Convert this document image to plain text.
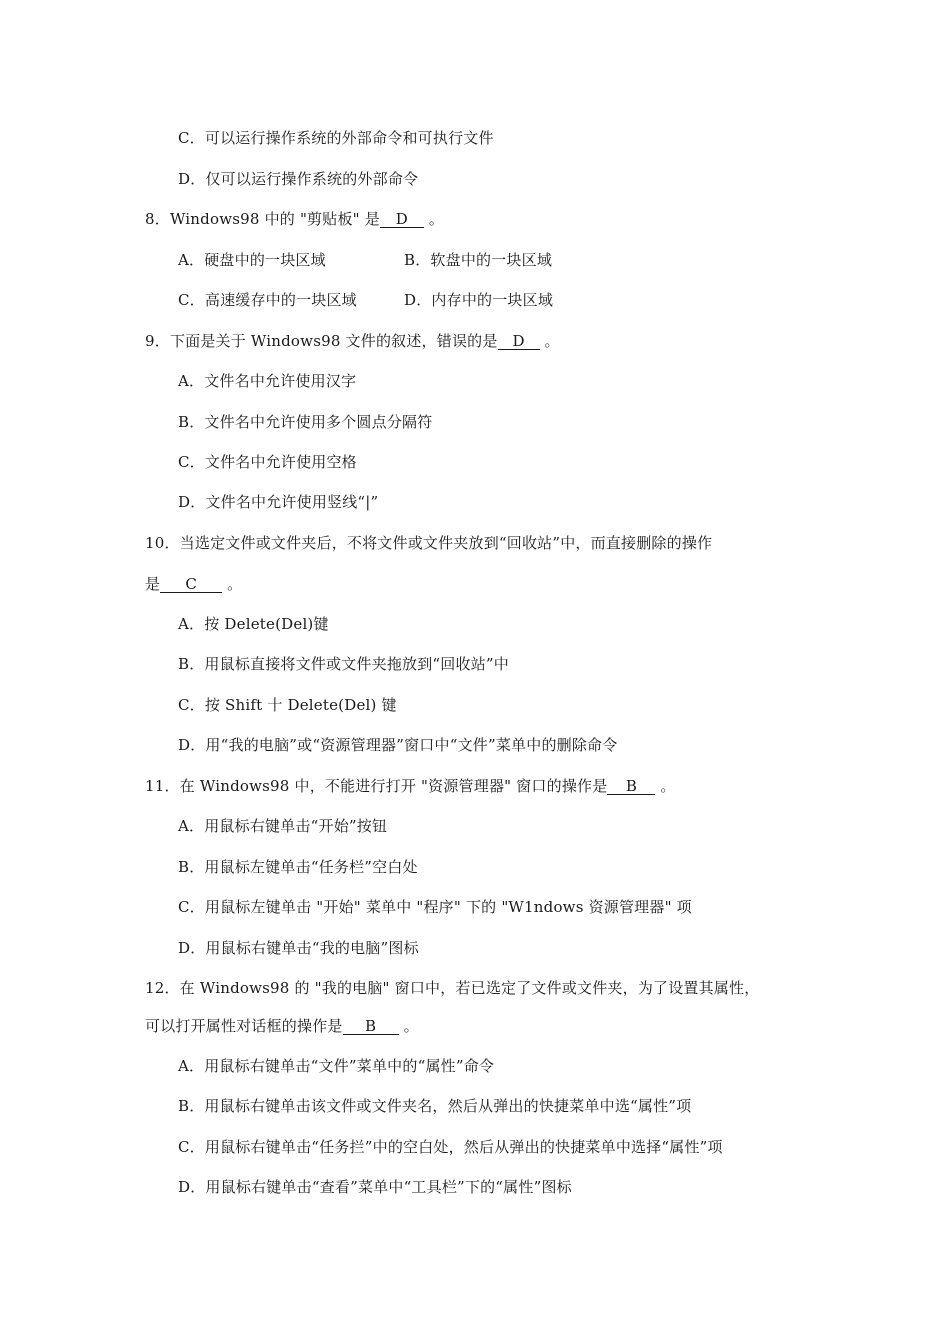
C．可以运行操作系统的外部命令和可执行文件
D．仅可以运行操作系统的外部命令
8．Windows98 中的 "剪贴板" 是 D 。
A．硬盘中的一块区域	B．软盘中的一块区域
C．高速缓存中的一块区域	D．内存中的一块区域
9．下面是关于 Windows98 文件的叙述，错误的是 D 。
A．文件名中允许使用汉字
B．文件名中允许使用多个圆点分隔符
C．文件名中允许使用空格
D．文件名中允许使用竖线“|”
10．当选定文件或文件夹后，不将文件或文件夹放到“回收站”中，而直接删除的操作
是 C 。
A．按 Delete(Del)键
B．用鼠标直接将文件或文件夹拖放到“回收站”中
C．按 Shift 十 Delete(Del) 键
D．用“我的电脑”或“资源管理器”窗口中“文件”菜单中的删除命令
11．在 Windows98 中，不能进行打开 "资源管理器" 窗口的操作是 B 。
A．用鼠标右键单击“开始”按钮
B．用鼠标左键单击“任务栏”空白处
C．用鼠标左键单击 "开始" 菜单中 "程序" 下的 "W1ndows 资源管理器" 项
D．用鼠标右键单击“我的电脑”图标
12．在 Windows98 的 "我的电脑" 窗口中，若已选定了文件或文件夹，为了设置其属性，
可以打开属性对话框的操作是 B 。
A．用鼠标右键单击“文件”菜单中的“属性”命令
B．用鼠标右键单击该文件或文件夹名，然后从弹出的快捷菜单中选“属性”项
C．用鼠标右键单击“任务拦”中的空白处，然后从弹出的快捷菜单中选择“属性”项
D．用鼠标右键单击“查看”菜单中“工具栏”下的“属性”图标
